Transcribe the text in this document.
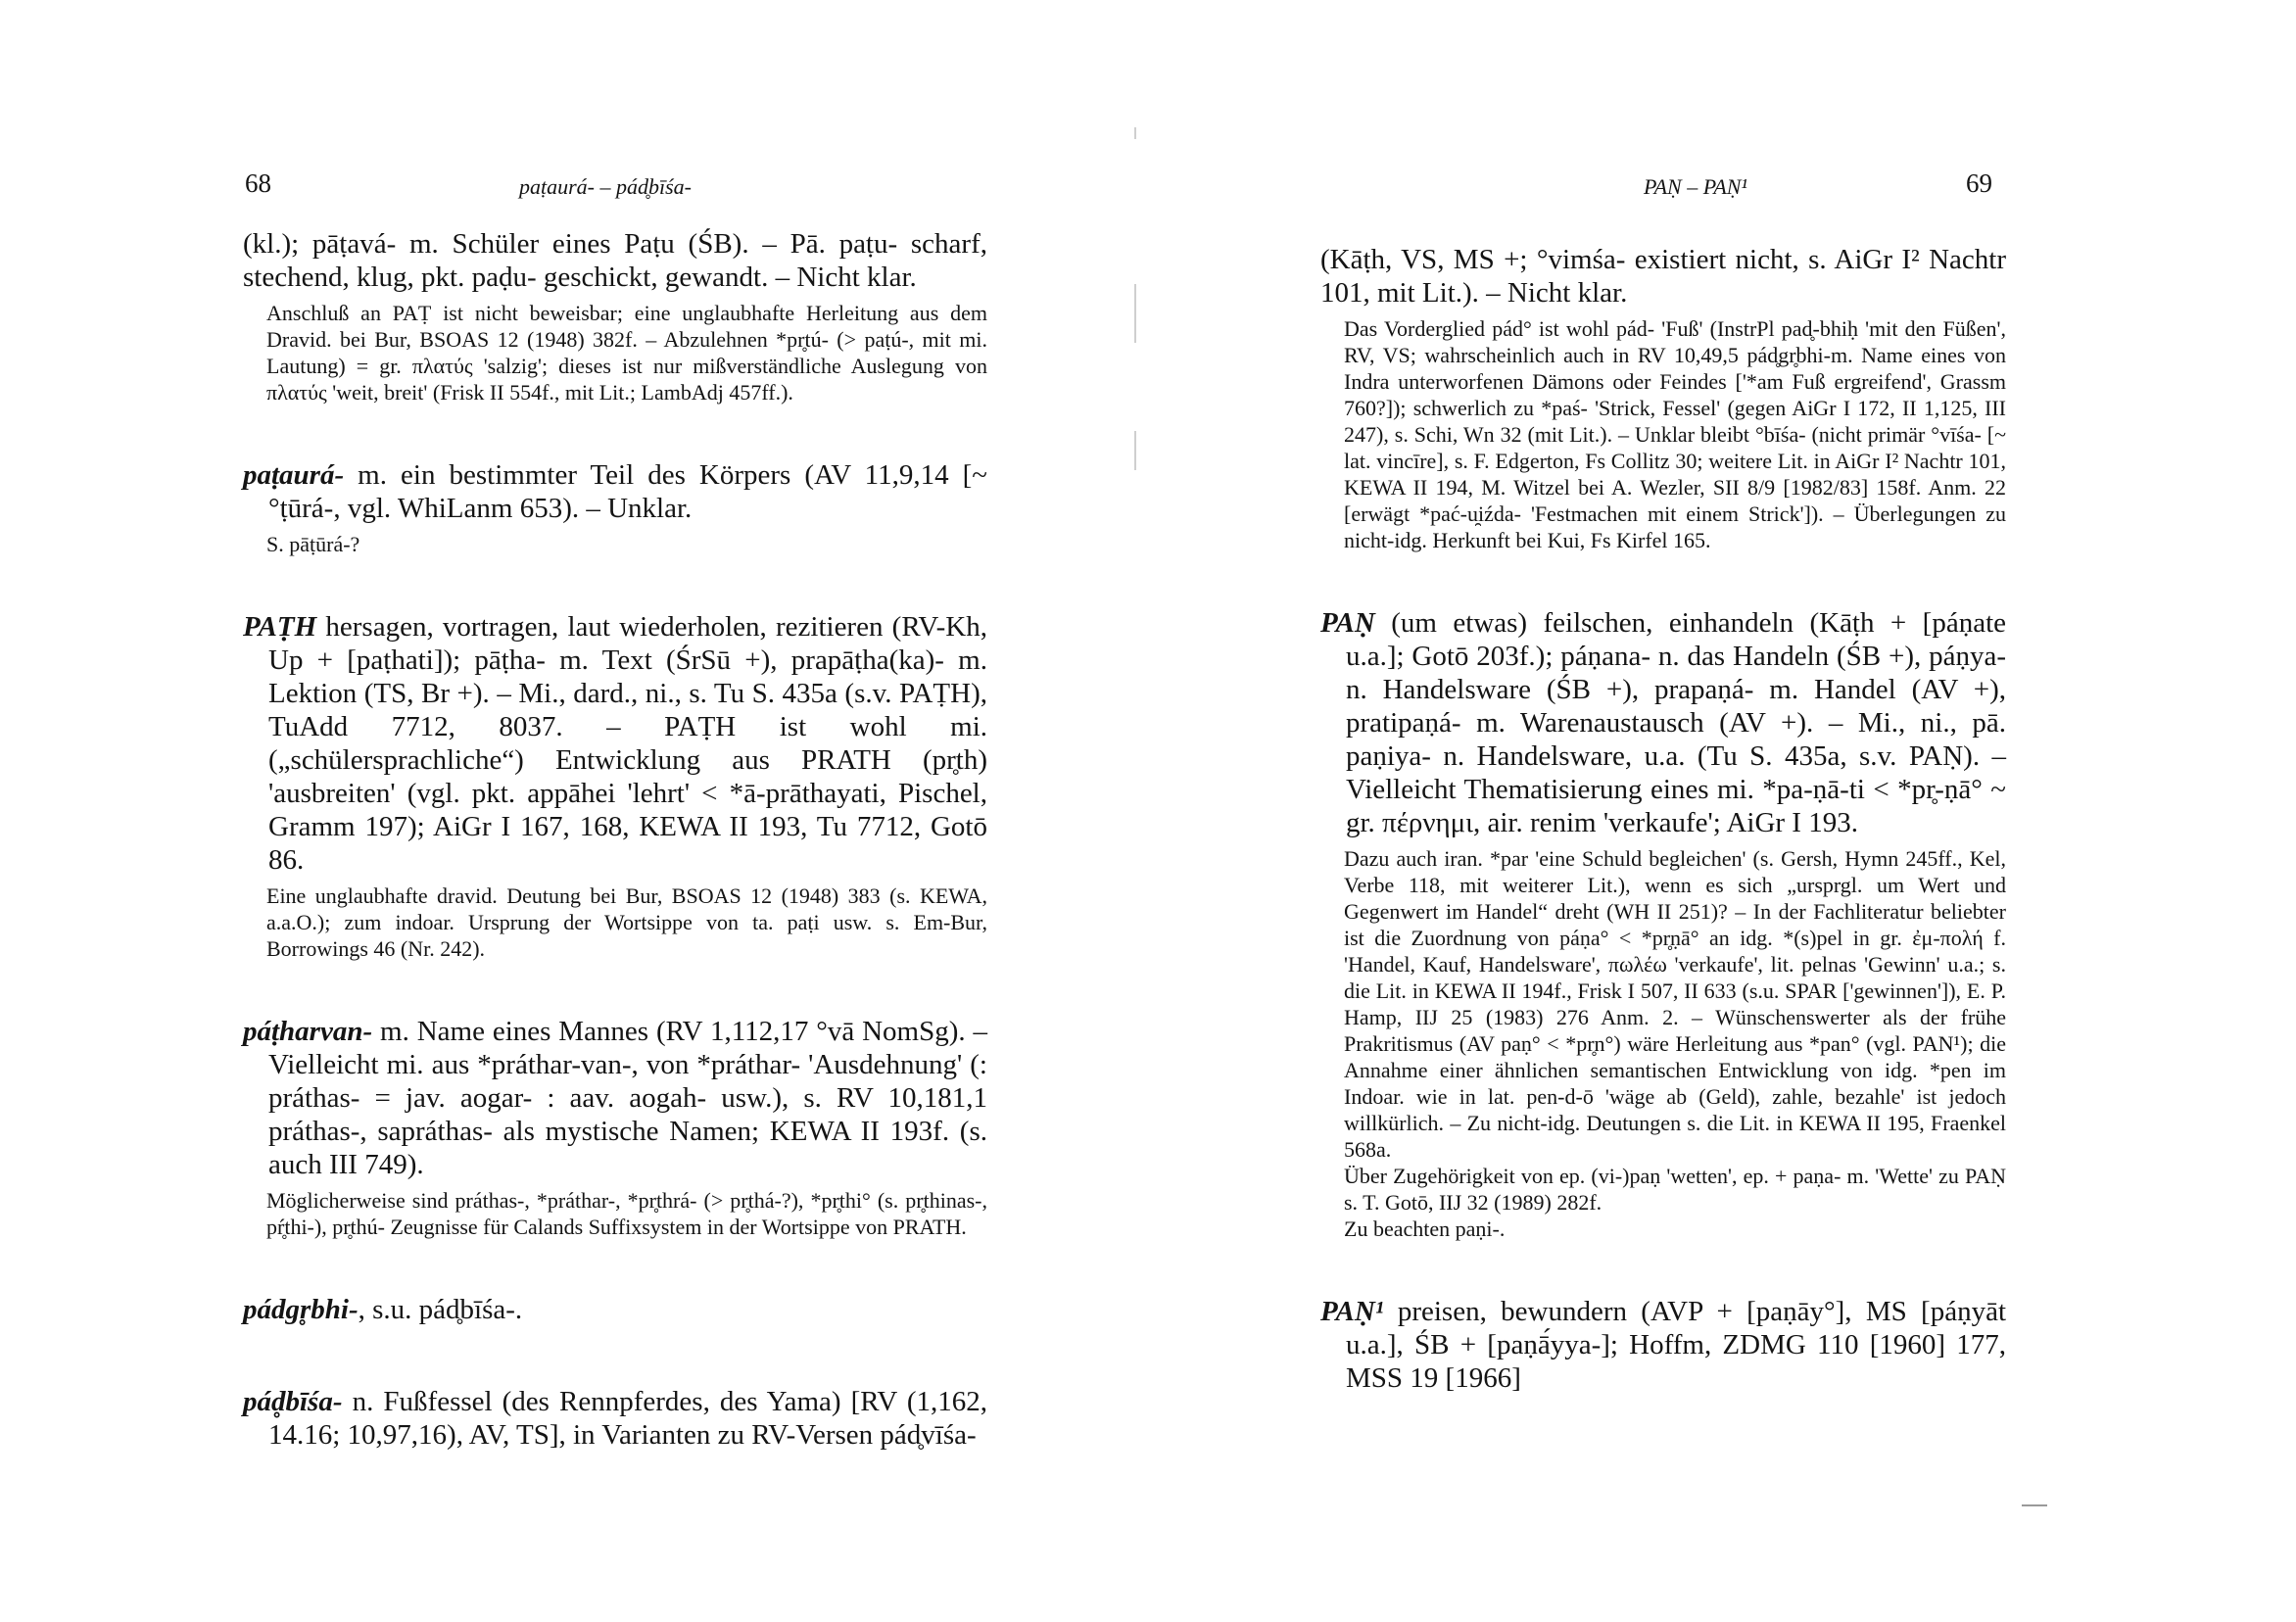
68	paṭaurá- – pád̥bīśa-
(kl.); pāṭavá- m. Schüler eines Paṭu (ŚB). – Pā. paṭu- scharf, stechend, klug, pkt. paḍu- geschickt, gewandt. – Nicht klar.
Anschluß an PAṬ ist nicht beweisbar; eine unglaubhafte Herleitung aus dem Dravid. bei Bur, BSOAS 12 (1948) 382f. – Abzulehnen *pr̥tú- (> paṭú-, mit mi. Lautung) = gr. πλατύς 'salzig'; dieses ist nur mißverständliche Auslegung von πλατύς 'weit, breit' (Frisk II 554f., mit Lit.; LambAdj 457ff.).
paṭaurá- m. ein bestimmter Teil des Körpers (AV 11,9,14 [~ °ṭūrá-, vgl. WhiLanm 653). – Unklar.
S. pāṭūrá-?
PAṬH hersagen, vortragen, laut wiederholen, rezitieren (RV-Kh, Up + [paṭhati]); pāṭha- m. Text (ŚrSū +), prapāṭha(ka)- m. Lektion (TS, Br +). – Mi., dard., ni., s. Tu S. 435a (s.v. PAṬH), TuAdd 7712, 8037. – PAṬH ist wohl mi. („schülersprachliche“) Entwicklung aus PRATH (pr̥th) 'ausbreiten' (vgl. pkt. appāhei 'lehrt' < *ā-prāthayati, Pischel, Gramm 197); AiGr I 167, 168, KEWA II 193, Tu 7712, Gotō 86.
Eine unglaubhafte dravid. Deutung bei Bur, BSOAS 12 (1948) 383 (s. KEWA, a.a.O.); zum indoar. Ursprung der Wortsippe von ta. paṭi usw. s. Em-Bur, Borrowings 46 (Nr. 242).
páṭharvan- m. Name eines Mannes (RV 1,112,17 °vā NomSg). – Vielleicht mi. aus *práthar-van-, von *práthar- 'Ausdehnung' (: práthas- = jav. aogar- : aav. aogah- usw.), s. RV 10,181,1 práthas-, sapráthas- als mystische Namen; KEWA II 193f. (s. auch III 749).
Möglicherweise sind práthas-, *práthar-, *pr̥thrá- (> pr̥thá-?), *pr̥thi° (s. pr̥thinas-, pŕ̥thi-), pr̥thú- Zeugnisse für Calands Suffixsystem in der Wortsippe von PRATH.
pádgr̥bhi-, s.u. pád̥bīśa-.
pád̥bīśa- n. Fußfessel (des Rennpferdes, des Yama) [RV (1,162, 14.16; 10,97,16), AV, TS], in Varianten zu RV-Versen pád̥vīśa-
PAṆ – PAṆ¹	69
(Kāṭh, VS, MS +; °vimśa- existiert nicht, s. AiGr I² Nachtr 101, mit Lit.). – Nicht klar.
Das Vorderglied pád° ist wohl pád- 'Fuß' (InstrPl pad̥-bhiḥ 'mit den Füßen', RV, VS; wahrscheinlich auch in RV 10,49,5 pád̥gr̥bhi-m. Name eines von Indra unterworfenen Dämons oder Feindes ['*am Fuß ergreifend', Grassm 760?]); schwerlich zu *paś- 'Strick, Fessel' (gegen AiGr I 172, II 1,125, III 247), s. Schi, Wn 32 (mit Lit.). – Unklar bleibt °bīśa- (nicht primär °vīśa- [~ lat. vincīre], s. F. Edgerton, Fs Collitz 30; weitere Lit. in AiGr I² Nachtr 101, KEWA II 194, M. Witzel bei A. Wezler, SII 8/9 [1982/83] 158f. Anm. 22 [erwägt *pać-u̯iźda- 'Festmachen mit einem Strick']). – Überlegungen zu nicht-idg. Herkunft bei Kui, Fs Kirfel 165.
PAṆ (um etwas) feilschen, einhandeln (Kāṭh + [páṇate u.a.]; Gotō 203f.); páṇana- n. das Handeln (ŚB +), páṇya- n. Handelsware (ŚB +), prapaṇá- m. Handel (AV +), pratipaṇá- m. Warenaustausch (AV +). – Mi., ni., pā. paṇiya- n. Handelsware, u.a. (Tu S. 435a, s.v. PAṆ). – Vielleicht Thematisierung eines mi. *pa-ṇā-ti < *pr̥-ṇā° ~ gr. πέρνημι, air. renim 'verkaufe'; AiGr I 193.
Dazu auch iran. *par 'eine Schuld begleichen' (s. Gersh, Hymn 245ff., Kel, Verbe 118, mit weiterer Lit.), wenn es sich „ursprgl. um Wert und Gegenwert im Handel“ dreht (WH II 251)? – In der Fachliteratur beliebter ist die Zuordnung von páṇa° < *pr̥ṇā° an idg. *(s)pel in gr. ἐμ-πολή f. 'Handel, Kauf, Handelsware', πωλέω 'verkaufe', lit. pelnas 'Gewinn' u.a.; s. die Lit. in KEWA II 194f., Frisk I 507, II 633 (s.u. SPAR ['gewinnen']), E. P. Hamp, IIJ 25 (1983) 276 Anm. 2. – Wünschenswerter als der frühe Prakritismus (AV paṇ° < *pr̥n°) wäre Herleitung aus *pan° (vgl. PAN¹); die Annahme einer ähnlichen semantischen Entwicklung von idg. *pen im Indoar. wie in lat. pen-d-ō 'wäge ab (Geld), zahle, bezahle' ist jedoch willkürlich. – Zu nicht-idg. Deutungen s. die Lit. in KEWA II 195, Fraenkel 568a.
Über Zugehörigkeit von ep. (vi-)paṇ 'wetten', ep. + paṇa- m. 'Wette' zu PAṆ s. T. Gotō, IIJ 32 (1989) 282f.
Zu beachten paṇi-.
PAṆ¹ preisen, bewundern (AVP + [paṇāy°], MS [páṇyāt u.a.], ŚB + [paṇā́yya-]; Hoffm, ZDMG 110 [1960] 177, MSS 19 [1966]
